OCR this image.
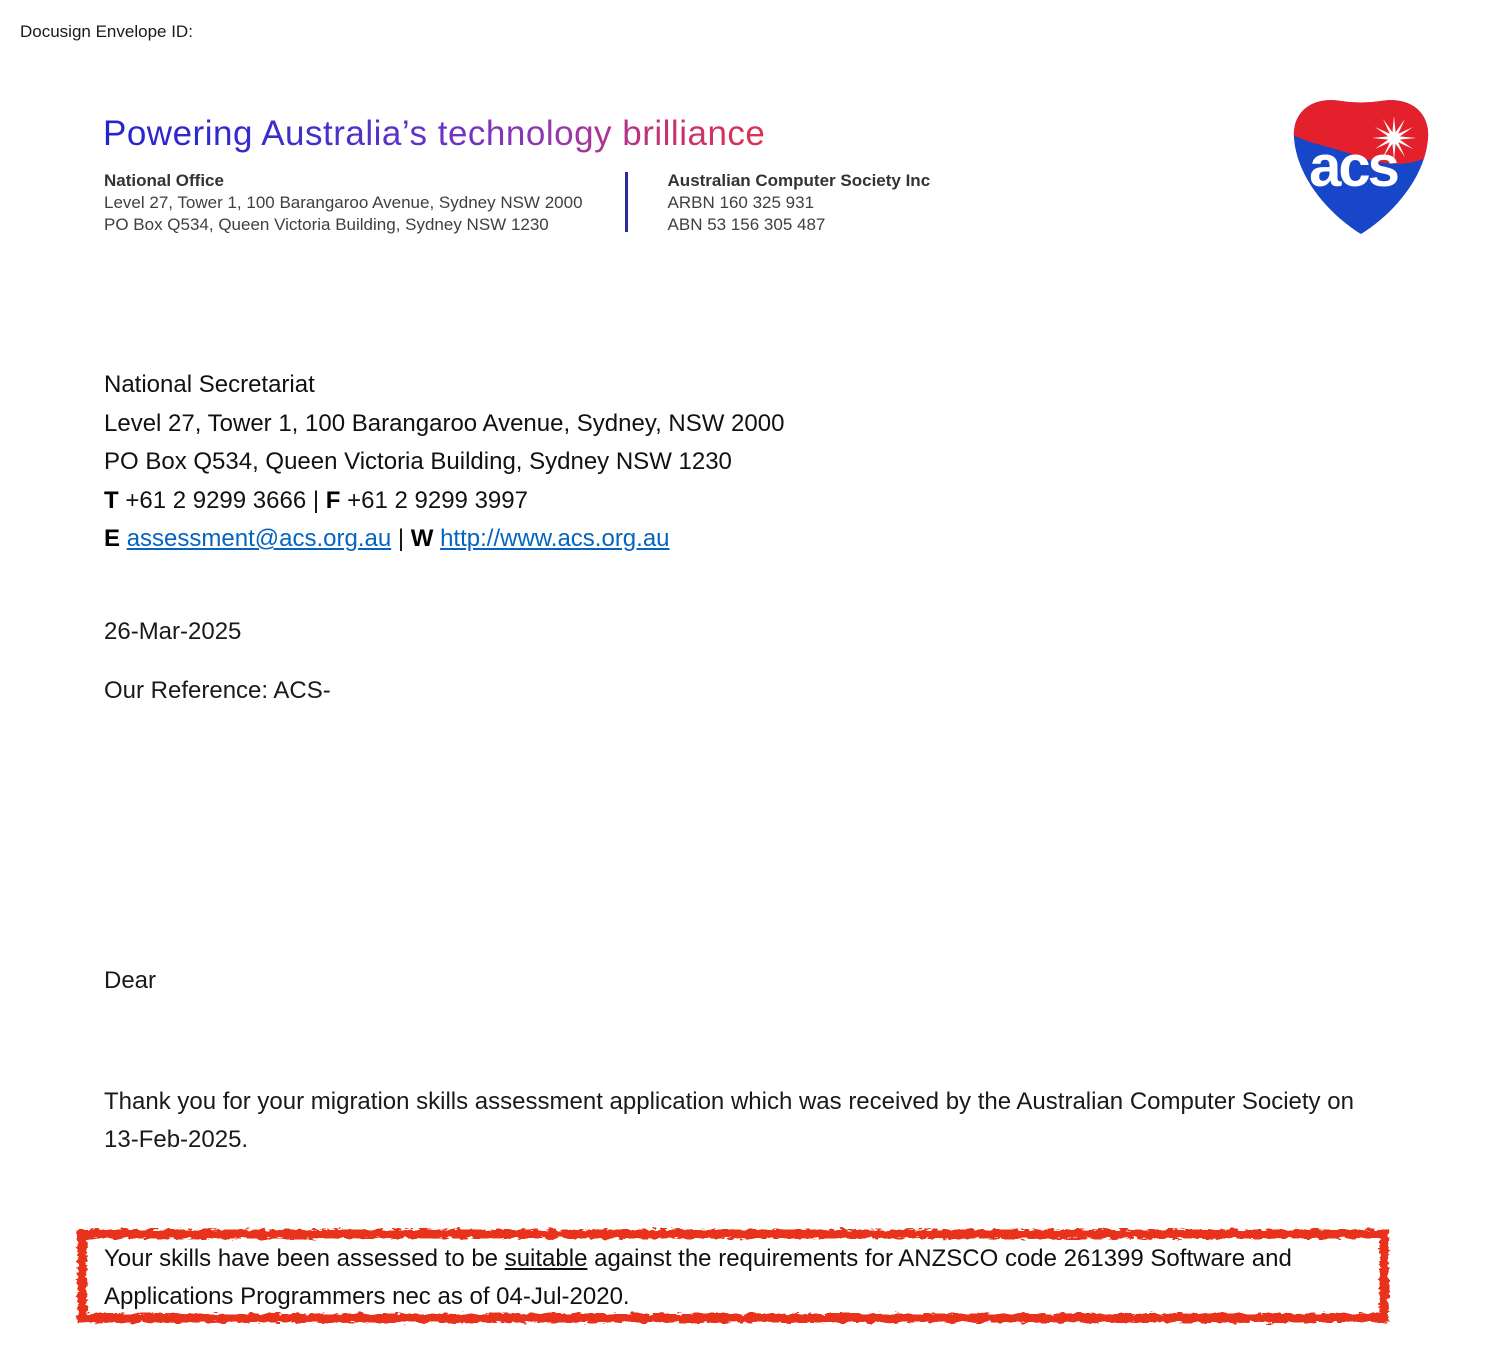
Docusign Envelope ID:
Powering Australia’s technology brilliance
National Office
Level 27, Tower 1, 100 Barangaroo Avenue, Sydney NSW 2000
PO Box Q534, Queen Victoria Building, Sydney NSW 1230
Australian Computer Society Inc
ARBN 160 325 931
ABN 53 156 305 487
acs
National Secretariat
Level 27, Tower 1, 100 Barangaroo Avenue, Sydney, NSW 2000
PO Box Q534, Queen Victoria Building, Sydney NSW 1230
T +61 2 9299 3666 | F +61 2 9299 3997
E assessment@acs.org.au | W http://www.acs.org.au
26-Mar-2025
Our Reference: ACS-
Dear
Thank you for your migration skills assessment application which was received by the Australian Computer Society on 13-Feb-2025.
Your skills have been assessed to be suitable against the requirements for ANZSCO code 261399 Software and Applications Programmers nec as of 04-Jul-2020.
